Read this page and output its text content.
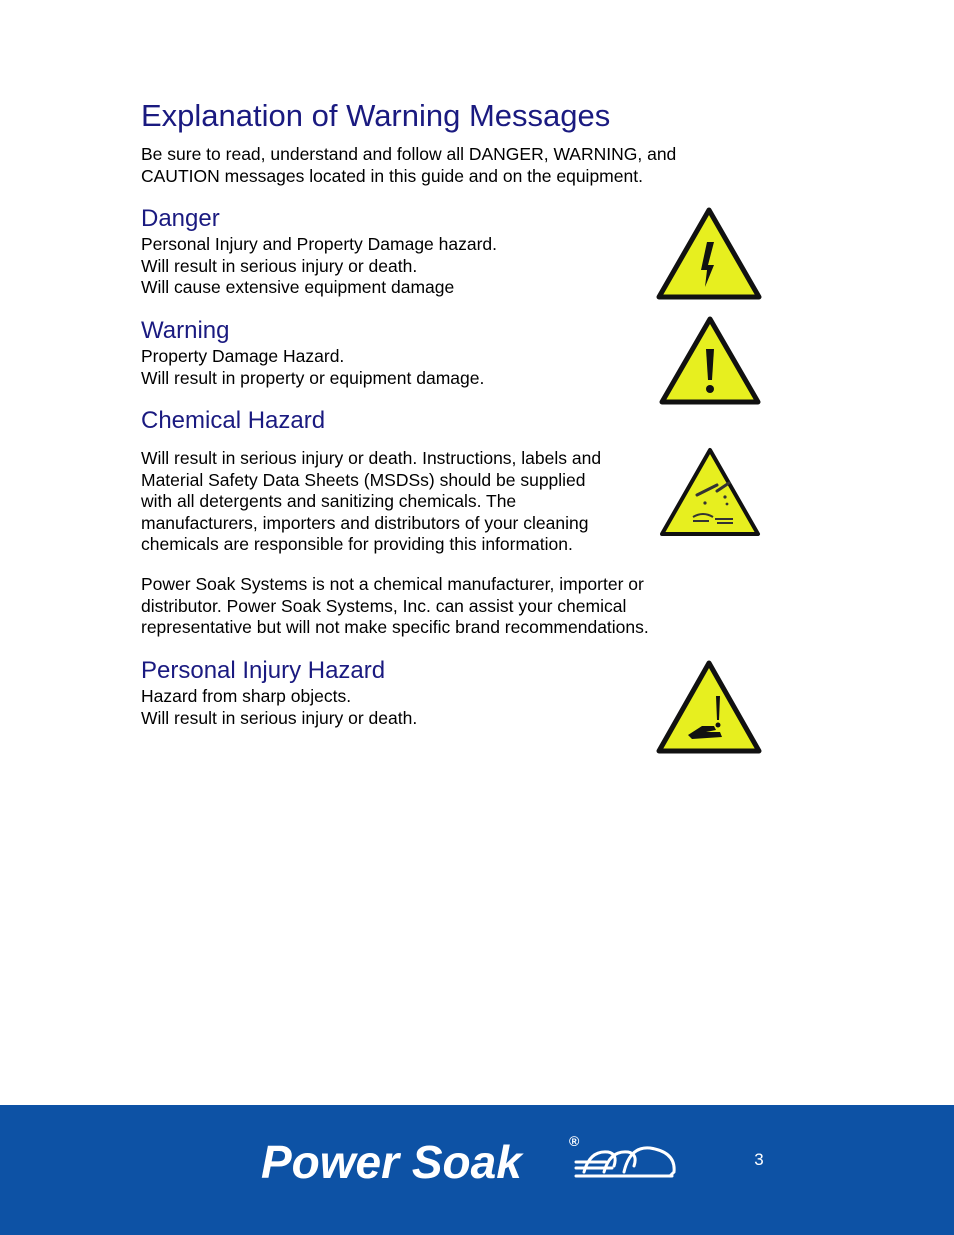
Explanation of Warning Messages

Be sure to read, understand and follow all DANGER, WARNING, and
CAUTION messages located in this guide and on the equipment.

Danger

Personal Injury and Property Damage hazard.
Will result in serious injury or death.
Will cause extensive equipment damage

Warning

Property Damage Hazard.
Will result in property or equipment damage.

Chemical Hazard

Will result in serious injury or death. Instructions, labels and
Material Safety Data Sheets (MSDSs) should be supplied
with all detergents and sanitizing chemicals. The
manufacturers, importers and distributors of your cleaning
chemicals are responsible for providing this information.

Power Soak Systems is not a chemical manufacturer, importer or
distributor. Power Soak Systems, Inc. can assist your chemical
representative but will not make specific brand recommendations.

Personal Injury Hazard

Hazard from sharp objects.
Will result in serious injury or death.

Power Soak	®
3
